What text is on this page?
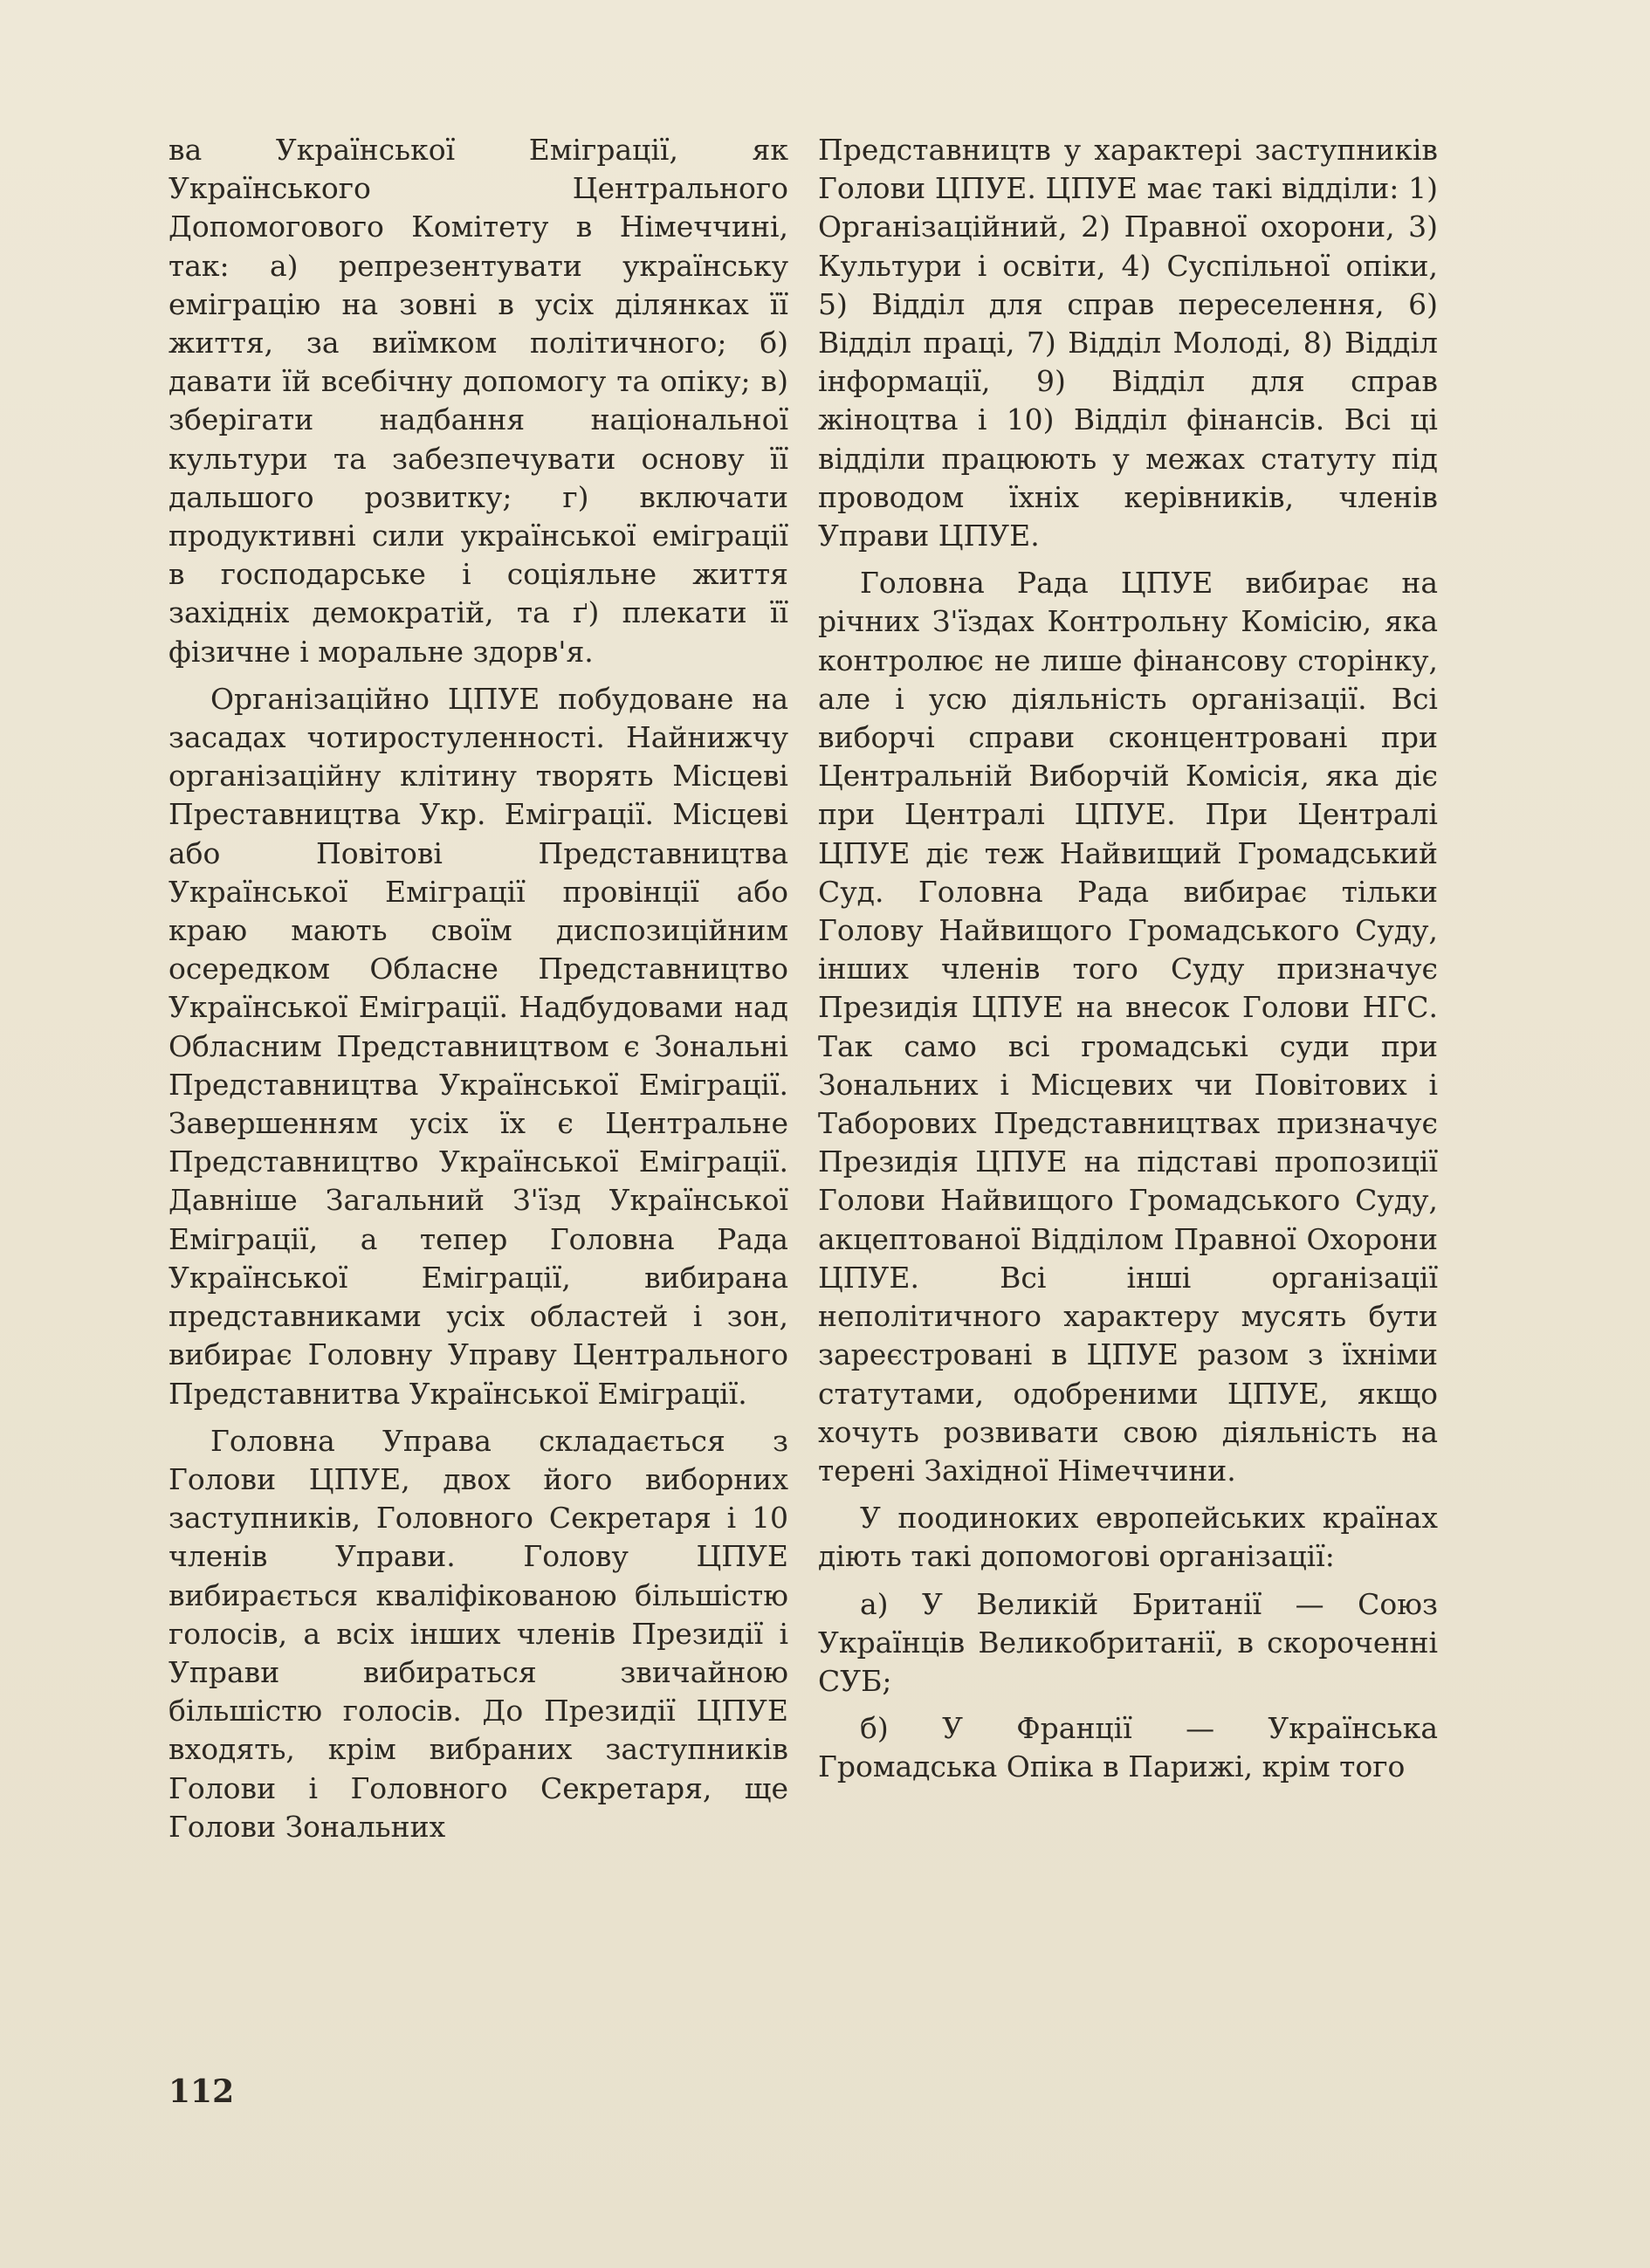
ва Української Еміграції, як Українського Центрального Допомогового Комітету в Німеччині, так: а) репрезентувати українську еміграцію на зовні в усіх ділянках її життя, за виїмком політичного; б) давати їй всебічну допомогу та опіку; в) зберігати надбання національної культури та забезпечувати основу її дальшого розвитку; г) включати продуктивні сили української еміграції в господарське і соціяльне життя західніх демократій, та ґ) плекати її фізичне і моральне здорв'я.

Організаційно ЦПУЕ побудоване на засадах чотиростуленності. Найнижчу організаційну клітину творять Місцеві Преставництва Укр. Еміграції. Місцеві або Повітові Представництва Української Еміграції провінції або краю мають своїм диспозиційним осередком Обласне Представництво Української Еміграції. Надбудовами над Обласним Представництвом є Зональні Представництва Української Еміграції. Завершенням усіх їх є Центральне Представництво Української Еміграції. Давніше Загальний З'їзд Української Еміграції, а тепер Головна Рада Української Еміграції, вибирана представниками усіх областей і зон, вибирає Головну Управу Центрального Представнитва Української Еміграції.

Головна Управа складається з Голови ЦПУЕ, двох його виборних заступників, Головного Секретаря і 10 членів Управи. Голову ЦПУЕ вибирається кваліфікованою більшістю голосів, а всіх інших членів Президії і Управи вибираться звичайною більшістю голосів. До Президії ЦПУЕ входять, крім вибраних заступників Голови і Головного Секретаря, ще Голови Зональних

Представництв у характері заступників Голови ЦПУЕ. ЦПУЕ має такі відділи: 1) Організаційний, 2) Правної охорони, 3) Культури і освіти, 4) Суспільної опіки, 5) Відділ для справ переселення, 6) Відділ праці, 7) Відділ Молоді, 8) Відділ інформації, 9) Відділ для справ жіноцтва і 10) Відділ фінансів. Всі ці відділи працюють у межах статуту під проводом їхніх керівників, членів Управи ЦПУЕ.

Головна Рада ЦПУЕ вибирає на річних З'їздах Контрольну Комісію, яка контролює не лише фінансову сторінку, але і усю діяльність організації. Всі виборчі справи сконцентровані при Центральній Виборчій Комісія, яка діє при Централі ЦПУЕ. При Централі ЦПУЕ діє теж Найвищий Громадський Суд. Головна Рада вибирає тільки Голову Найвищого Громадського Суду, інших членів того Суду призначує Президія ЦПУЕ на внесок Голови НГС. Так само всі громадські суди при Зональних і Місцевих чи Повітових і Таборових Представництвах призначує Президія ЦПУЕ на підставі пропозиції Голови Найвищого Громадського Суду, акцептованої Відділом Правної Охорони ЦПУЕ. Всі інші організації неполітичного характеру мусять бути зареєстровані в ЦПУЕ разом з їхніми статутами, одобреними ЦПУЕ, якщо хочуть розвивати свою діяльність на терені Західної Німеччини.

У поодиноких европейських країнах діють такі допомогові організації:

а) У Великій Британії — Союз Українців Великобританії, в скороченні СУБ;

б) У Франції — Українська Громадська Опіка в Парижі, крім того

112
